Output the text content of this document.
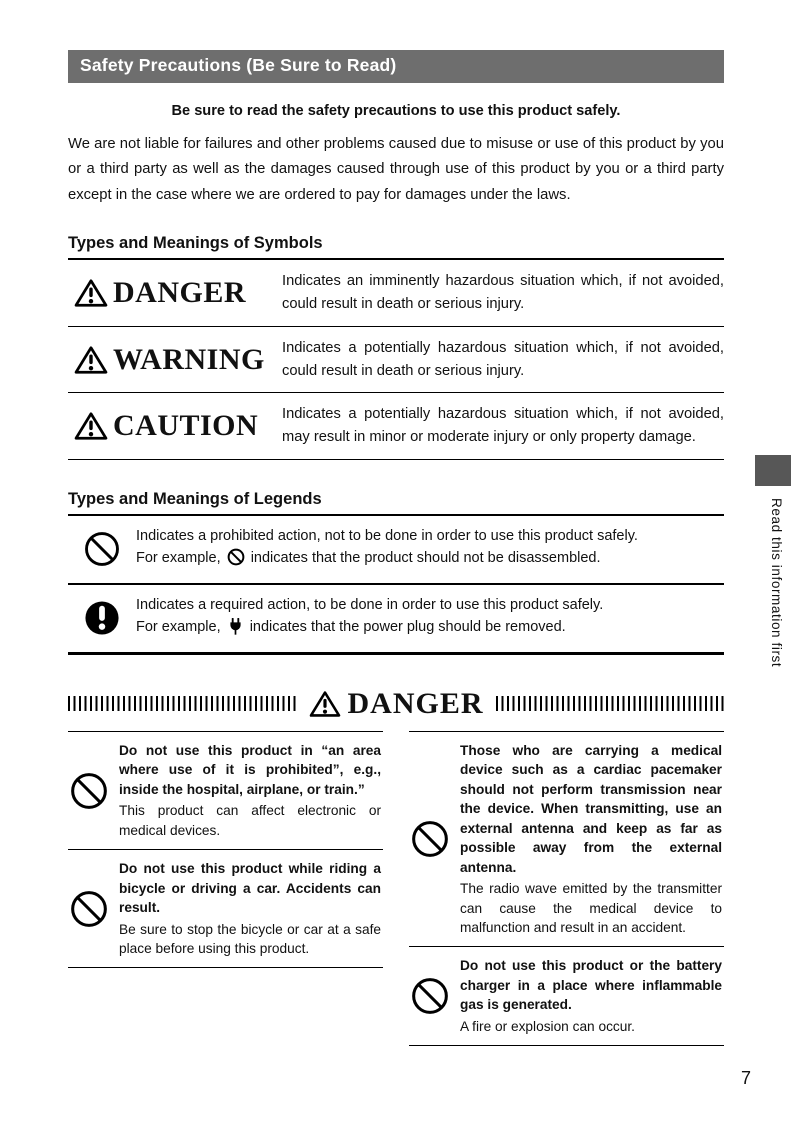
Safety Precautions (Be Sure to Read)
Be sure to read the safety precautions to use this product safely.

We are not liable for failures and other problems caused due to misuse or use of this product by you or a third party as well as the damages caused through use of this product by you or a third party except in the case where we are ordered to pay for damages under the laws.

Types and Meanings of Symbols
DANGER Indicates an imminently hazardous situation which, if not avoided, could result in death or serious injury.
WARNING Indicates a potentially hazardous situation which, if not avoided, could result in death or serious injury.
CAUTION Indicates a potentially hazardous situation which, if not avoided, may result in minor or moderate injury or only property damage.
Types and Meanings of Legends
Indicates a prohibited action, not to be done in order to use this product safely.
For example, indicates that the product should not be disassembled.
Indicates a required action, to be done in order to use this product safely.
For example, indicates that the power plug should be removed.
DANGER
Do not use this product in “an area where use of it is prohibited”, e.g., inside the hospital, airplane, or train.”
This product can affect electronic or medical devices.
Do not use this product while riding a bicycle or driving a car. Accidents can result.
Be sure to stop the bicycle or car at a safe place before using this product.
Those who are carrying a medical device such as a cardiac pacemaker should not perform transmission near the device. When transmitting, use an external antenna and keep as far as possible away from the external antenna.
The radio wave emitted by the transmitter can cause the medical device to malfunction and result in an accident.
Do not use this product or the battery charger in a place where inflammable gas is generated.
A fire or explosion can occur.
Read this information first
7
